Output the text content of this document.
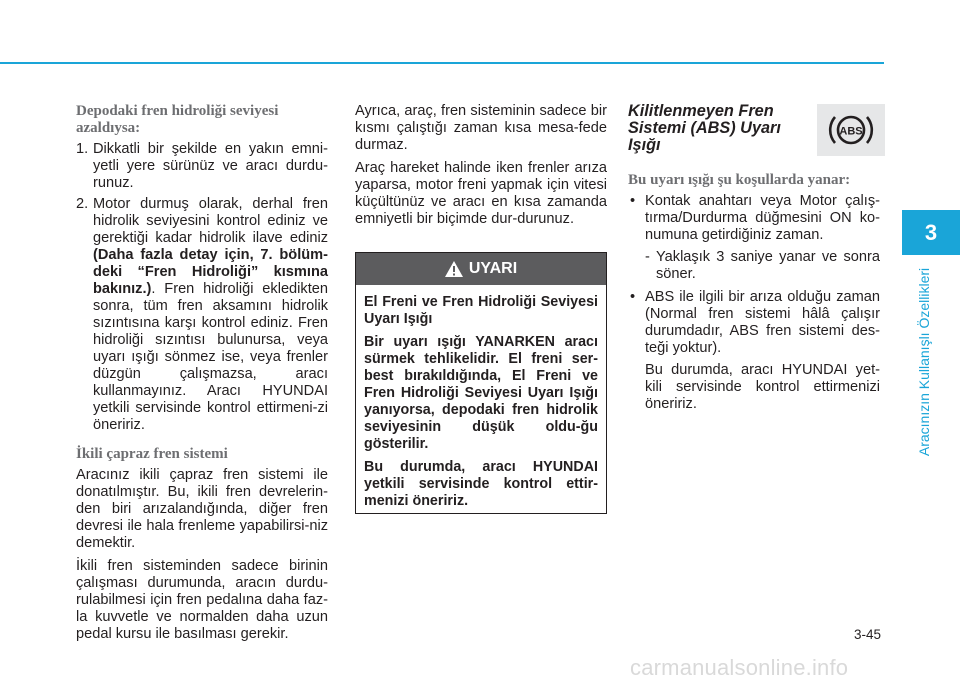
Depodaki fren hidroliği seviyesi azaldıysa:

1. Dikkatli bir şekilde en yakın emni-yetli yere sürünüz ve aracı durdu-runuz.
2. Motor durmuş olarak, derhal fren hidrolik seviyesini kontrol ediniz ve gerektiği kadar hidrolik ilave ediniz (Daha fazla detay için, 7. bölüm-deki “Fren Hidroliği” kısmına bakınız.). Fren hidroliği ekledikten sonra, tüm fren aksamını hidrolik sızıntısına karşı kontrol ediniz. Fren hidroliği sızıntısı bulunursa, veya uyarı ışığı sönmez ise, veya frenler düzgün çalışmazsa, aracı kullanmayınız. Aracı HYUNDAI yetkili servisinde kontrol ettirmeni-zi öneririz.

İkili çapraz fren sistemi

Aracınız ikili çapraz fren sistemi ile donatılmıştır. Bu, ikili fren devrelerin-den biri arızalandığında, diğer fren devresi ile hala frenleme yapabilirsi-niz demektir.

İkili fren sisteminden sadece birinin çalışması durumunda, aracın durdu-rulabilmesi için fren pedalına daha faz-la kuvvetle ve normalden daha uzun pedal kursu ile basılması gerekir.

Ayrıca, araç, fren sisteminin sadece bir kısmı çalıştığı zaman kısa mesa-fede durmaz.

Araç hareket halinde iken frenler arıza yaparsa, motor freni yapmak için vitesi küçültünüz ve aracı en kısa zamanda emniyetli bir biçimde dur-durunuz.

UYARI

El Freni ve Fren Hidroliği Seviyesi Uyarı Işığı

Bir uyarı ışığı YANARKEN aracı sürmek tehlikelidir. El freni ser-best bırakıldığında, El Freni ve Fren Hidroliği Seviyesi Uyarı Işığı yanıyorsa, depodaki fren hidrolik seviyesinin düşük oldu-ğu gösterilir.

Bu durumda, aracı HYUNDAI yetkili servisinde kontrol ettir-menizi öneririz.

Kilitlenmeyen Fren Sistemi (ABS) Uyarı Işığı

Bu uyarı ışığı şu koşullarda yanar:

• Kontak anahtarı veya Motor çalış-tırma/Durdurma düğmesini ON ko-numuna getirdiğiniz zaman.
- Yaklaşık 3 saniye yanar ve sonra söner.
• ABS ile ilgili bir arıza olduğu zaman (Normal fren sistemi hâlâ çalışır durumdadır, ABS fren sistemi des-teği yoktur).

Bu durumda, aracı HYUNDAI yet-kili servisinde kontrol ettirmenizi öneririz.

ABS
3
Aracınızın Kullanışlı Özellikleri
3-45
carmanualsonline.info
